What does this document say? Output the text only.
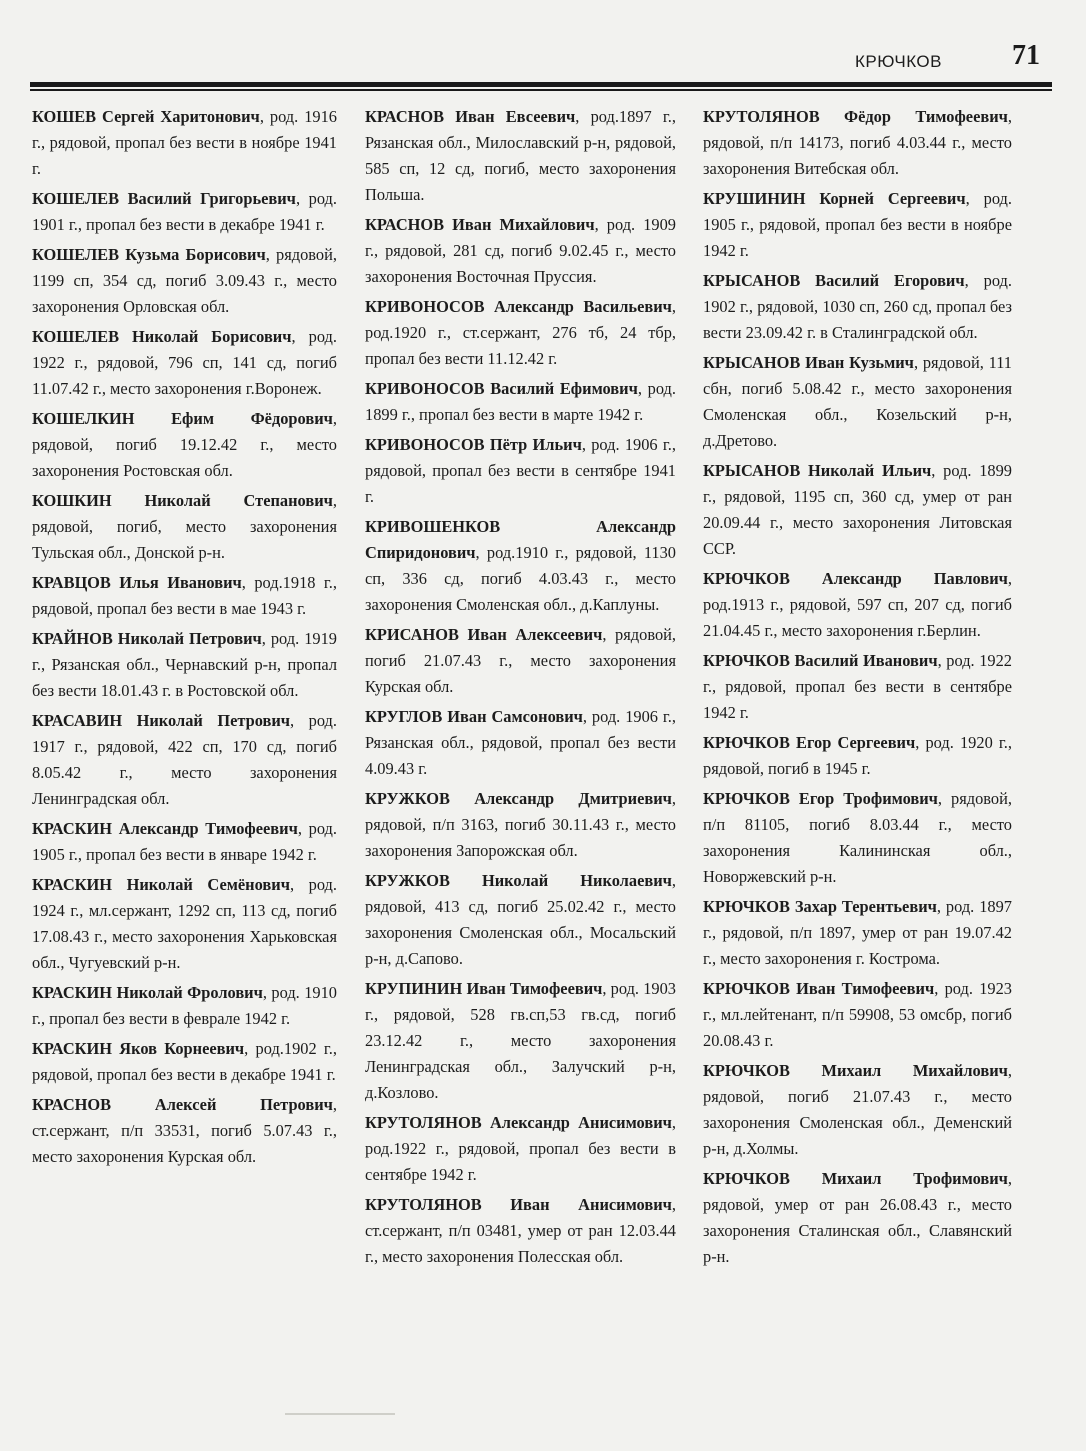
КРЮЧКОВ	71

КОШЕВ Сергей Харитонович, род. 1916 г., рядовой, пропал без вести в ноябре 1941 г.

КОШЕЛЕВ Василий Григорьевич, род. 1901 г., пропал без вести в декабре 1941 г.

КОШЕЛЕВ Кузьма Борисович, рядовой, 1199 сп, 354 сд, погиб 3.09.43 г., место захоронения Орловская обл.

КОШЕЛЕВ Николай Борисович, род. 1922 г., рядовой, 796 сп, 141 сд, погиб 11.07.42 г., место захоронения г.Воронеж.

КОШЕЛКИН Ефим Фёдорович, рядовой, погиб 19.12.42 г., место захоронения Ростовская обл.

КОШКИН Николай Степанович, рядовой, погиб, место захоронения Тульская обл., Донской р-н.

КРАВЦОВ Илья Иванович, род.1918 г., рядовой, пропал без вести в мае 1943 г.

КРАЙНОВ Николай Петрович, род. 1919 г., Рязанская обл., Чернавский р-н, пропал без вести 18.01.43 г. в Ростовской обл.

КРАСАВИН Николай Петрович, род. 1917 г., рядовой, 422 сп, 170 сд, погиб 8.05.42 г., место захоронения Ленинградская обл.

КРАСКИН Александр Тимофеевич, род. 1905 г., пропал без вести в январе 1942 г.

КРАСКИН Николай Семёнович, род. 1924 г., мл.сержант, 1292 сп, 113 сд, погиб 17.08.43 г., место захоронения Харьковская обл., Чугуевский р-н.

КРАСКИН Николай Фролович, род. 1910 г., пропал без вести в феврале 1942 г.

КРАСКИН Яков Корнеевич, род.1902 г., рядовой, пропал без вести в декабре 1941 г.

КРАСНОВ Алексей Петрович, ст.сержант, п/п 33531, погиб 5.07.43 г., место захоронения Курская обл.

КРАСНОВ Иван Евсеевич, род.1897 г., Рязанская обл., Милославский р-н, рядовой, 585 сп, 12 сд, погиб, место захоронения Польша.

КРАСНОВ Иван Михайлович, род. 1909 г., рядовой, 281 сд, погиб 9.02.45 г., место захоронения Восточная Пруссия.

КРИВОНОСОВ Александр Васильевич, род.1920 г., ст.сержант, 276 тб, 24 тбр, пропал без вести 11.12.42 г.

КРИВОНОСОВ Василий Ефимович, род. 1899 г., пропал без вести в марте 1942 г.

КРИВОНОСОВ Пётр Ильич, род. 1906 г., рядовой, пропал без вести в сентябре 1941 г.

КРИВОШЕНКОВ Александр Спиридонович, род.1910 г., рядовой, 1130 сп, 336 сд, погиб 4.03.43 г., место захоронения Смоленская обл., д.Каплуны.

КРИСАНОВ Иван Алексеевич, рядовой, погиб 21.07.43 г., место захоронения Курская обл.

КРУГЛОВ Иван Самсонович, род. 1906 г., Рязанская обл., рядовой, пропал без вести 4.09.43 г.

КРУЖКОВ Александр Дмитриевич, рядовой, п/п 3163, погиб 30.11.43 г., место захоронения Запорожская обл.

КРУЖКОВ Николай Николаевич, рядовой, 413 сд, погиб 25.02.42 г., место захоронения Смоленская обл., Мосальский р-н, д.Сапово.

КРУПИНИН Иван Тимофеевич, род. 1903 г., рядовой, 528 гв.сп,53 гв.сд, погиб 23.12.42 г., место захоронения Ленинградская обл., Залучский р-н, д.Козлово.

КРУТОЛЯНОВ Александр Анисимович, род.1922 г., рядовой, пропал без вести в сентябре 1942 г.

КРУТОЛЯНОВ Иван Анисимович, ст.сержант, п/п 03481, умер от ран 12.03.44 г., место захоронения Полесская обл.

КРУТОЛЯНОВ Фёдор Тимофеевич, рядовой, п/п 14173, погиб 4.03.44 г., место захоронения Витебская обл.

КРУШИНИН Корней Сергеевич, род. 1905 г., рядовой, пропал без вести в ноябре 1942 г.

КРЫСАНОВ Василий Егорович, род. 1902 г., рядовой, 1030 сп, 260 сд, пропал без вести 23.09.42 г. в Сталинградской обл.

КРЫСАНОВ Иван Кузьмич, рядовой, 111 сбн, погиб 5.08.42 г., место захоронения Смоленская обл., Козельский р-н, д.Дретово.

КРЫСАНОВ Николай Ильич, род. 1899 г., рядовой, 1195 сп, 360 сд, умер от ран 20.09.44 г., место захоронения Литовская ССР.

КРЮЧКОВ Александр Павлович, род.1913 г., рядовой, 597 сп, 207 сд, погиб 21.04.45 г., место захоронения г.Берлин.

КРЮЧКОВ Василий Иванович, род. 1922 г., рядовой, пропал без вести в сентябре 1942 г.

КРЮЧКОВ Егор Сергеевич, род. 1920 г., рядовой, погиб в 1945 г.

КРЮЧКОВ Егор Трофимович, рядовой, п/п 81105, погиб 8.03.44 г., место захоронения Калининская обл., Новоржевский р-н.

КРЮЧКОВ Захар Терентьевич, род. 1897 г., рядовой, п/п 1897, умер от ран 19.07.42 г., место захоронения г. Кострома.

КРЮЧКОВ Иван Тимофеевич, род. 1923 г., мл.лейтенант, п/п 59908, 53 омсбр, погиб 20.08.43 г.

КРЮЧКОВ Михаил Михайлович, рядовой, погиб 21.07.43 г., место захоронения Смоленская обл., Деменский р-н, д.Холмы.

КРЮЧКОВ Михаил Трофимович, рядовой, умер от ран 26.08.43 г., место захоронения Сталинская обл., Славянский р-н.
